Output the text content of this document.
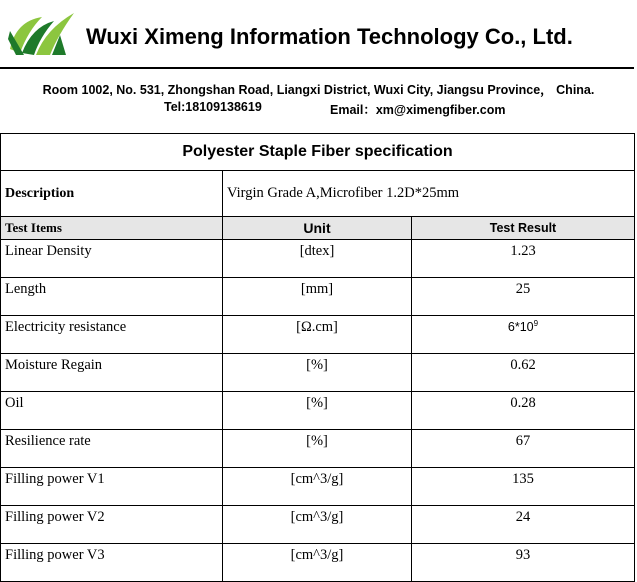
Wuxi Ximeng Information Technology Co., Ltd.
Room 1002, No. 531, Zhongshan Road, Liangxi District, Wuxi City, Jiangsu Province， China.
Tel:18109138619	Email：xm@ximengfiber.com
Polyester Staple Fiber specification		
Description	Virgin Grade A,Microfiber 1.2D*25mm	
Test Items	Unit	Test Result
Linear Density	[dtex]	1.23
Length	[mm]	25
Electricity resistance	[Ω.cm]	$6*10^9$
Moisture Regain	[%]	0.62
Oil	[%]	0.28
Resilience rate	[%]	67
Filling power V1	[cm^3/g]	135
Filling power V2	[cm^3/g]	24
Filling power V3	[cm^3/g]	93
